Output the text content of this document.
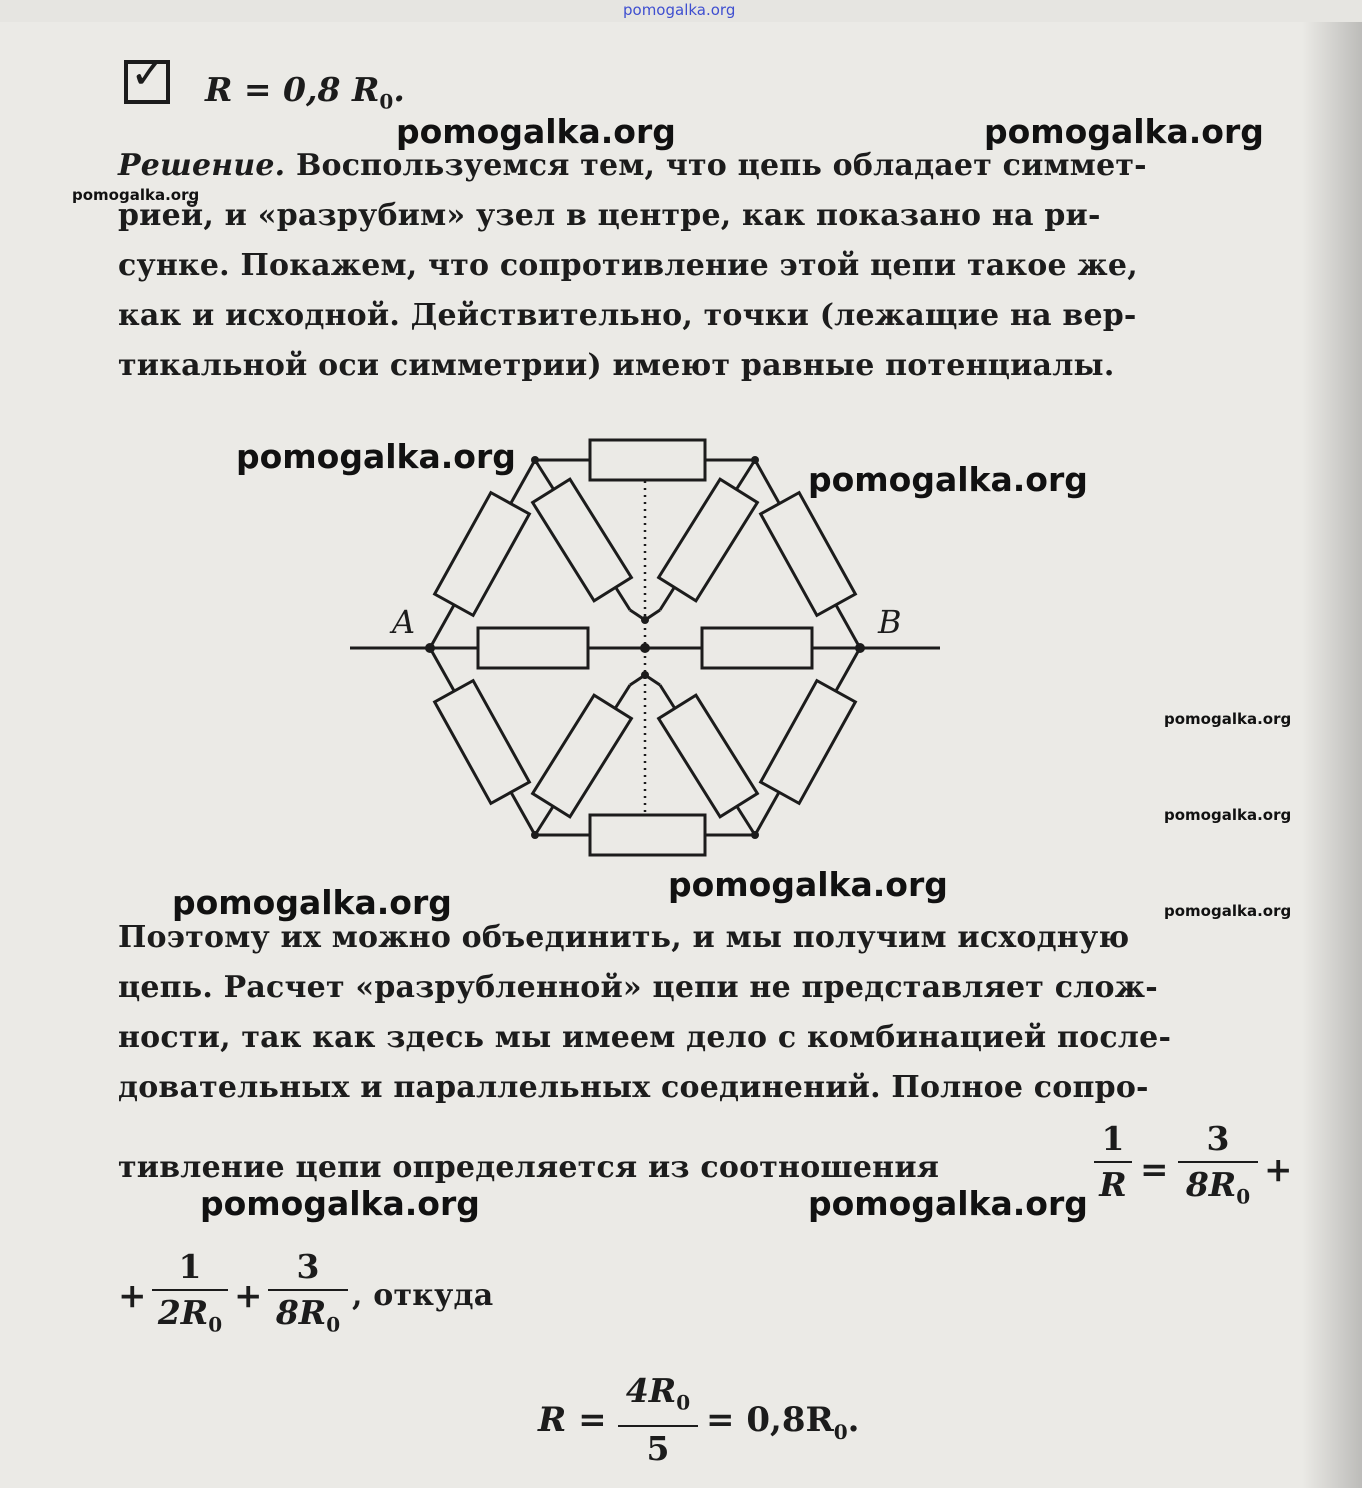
pomogalka.org
✓ R = 0,8 $R_0$.
Решение. Воспользуемся тем, что цепь обладает симмет-
рией, и «разрубим» узел в центре, как показано на ри-
сунке. Покажем, что сопротивление этой цепи такое же,
как и исходной. Действительно, точки (лежащие на вер-
тикальной оси симметрии) имеют равные потенциалы.
A	B
Поэтому их можно объединить, и мы получим исходную
цепь. Расчет «разрубленной» цепи не представляет слож-
ности, так как здесь мы имеем дело с комбинацией после-
довательных и параллельных соединений. Полное сопро-
тивление цепи определяется из соотношения
1
R =
3
$8R_0$
+
+
1
$2R_0$
+
3
$8R_0$
, откуда
R =
$4R_0$
5
= $0,8R_0$.
pomogalka.org	pomogalka.org
pomogalka.org
pomogalka.org
pomogalka.org
pomogalka.org
pomogalka.org
pomogalka.org
pomogalka.org	pomogalka.org
pomogalka.org	pomogalka.org
